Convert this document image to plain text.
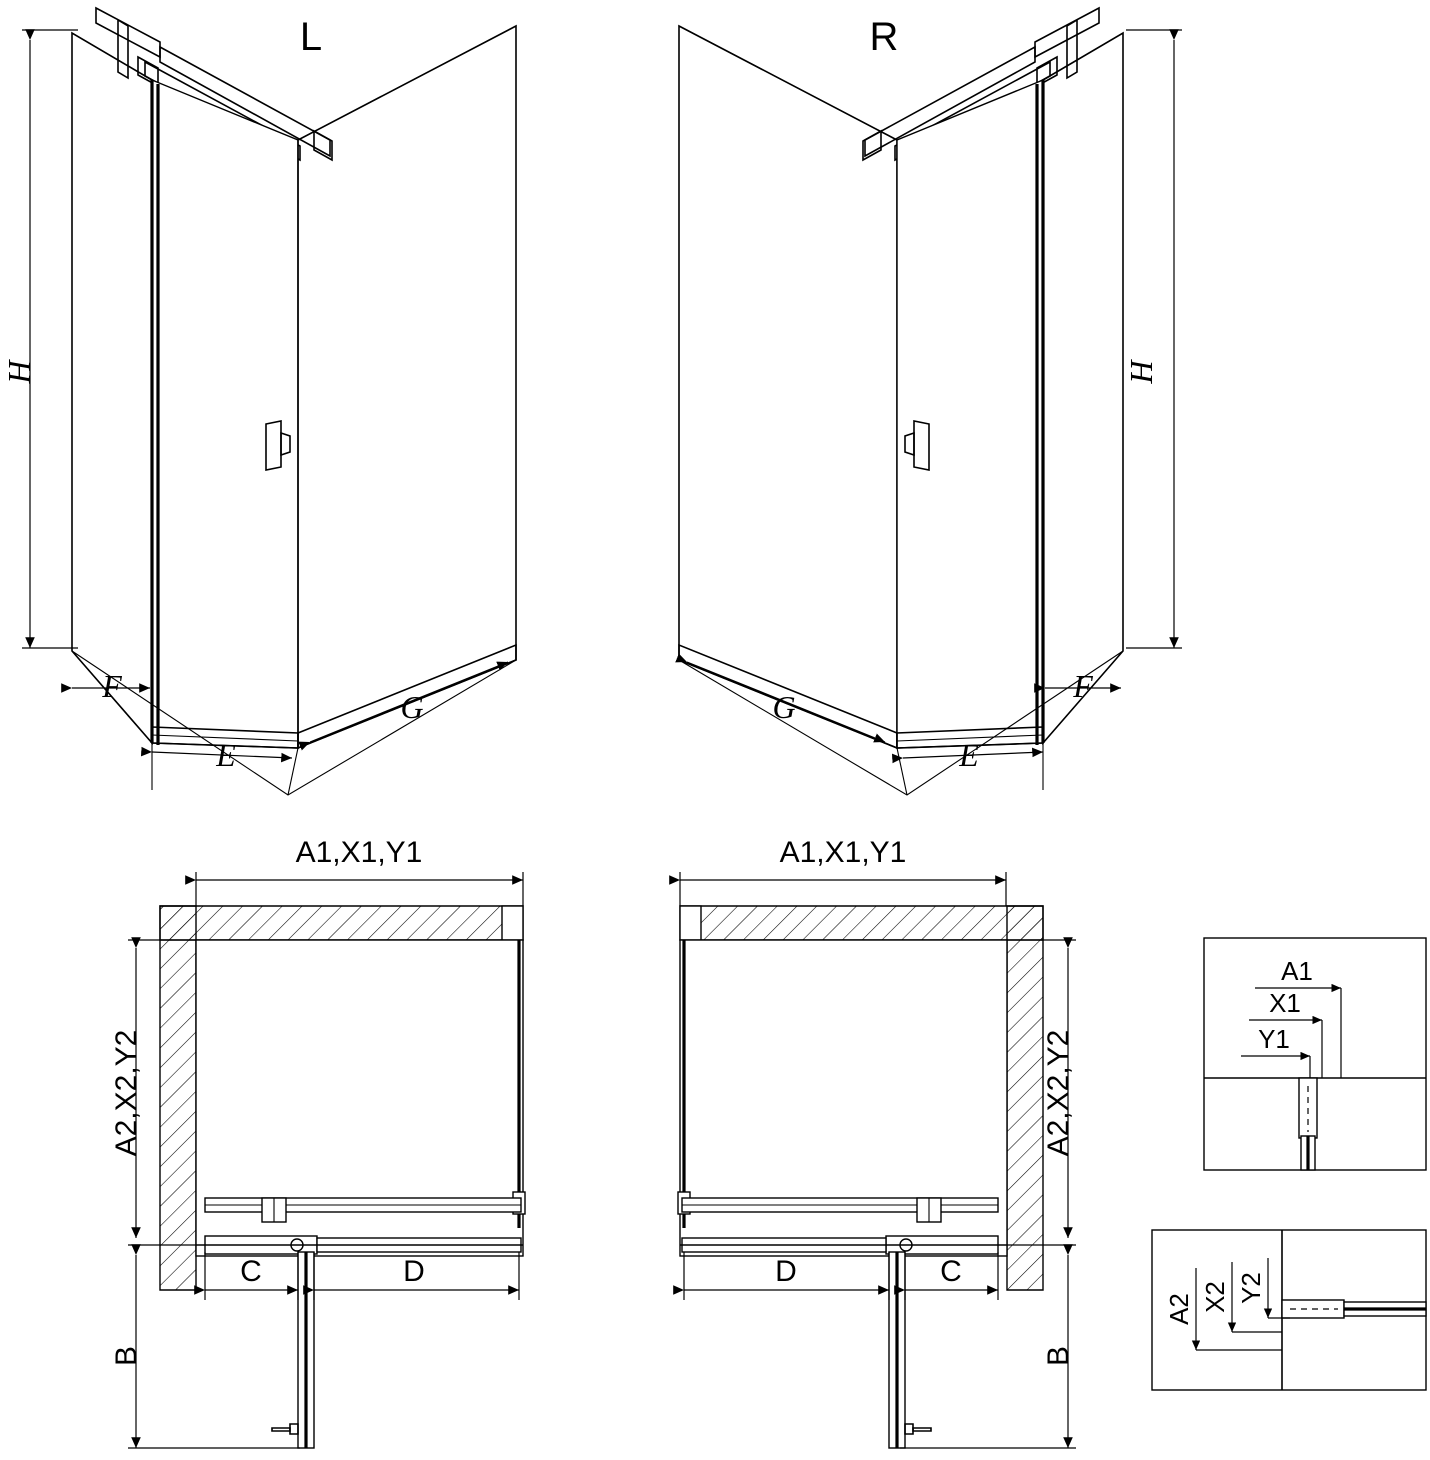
H
L
F
E
G
H
R
F
E
G
A1,X1,Y1
A2,X2,Y2
C	D
B
A1,X1,Y1
A2,X2,Y2
D	C
B
A1
X1
Y1
A2 X2 Y2
